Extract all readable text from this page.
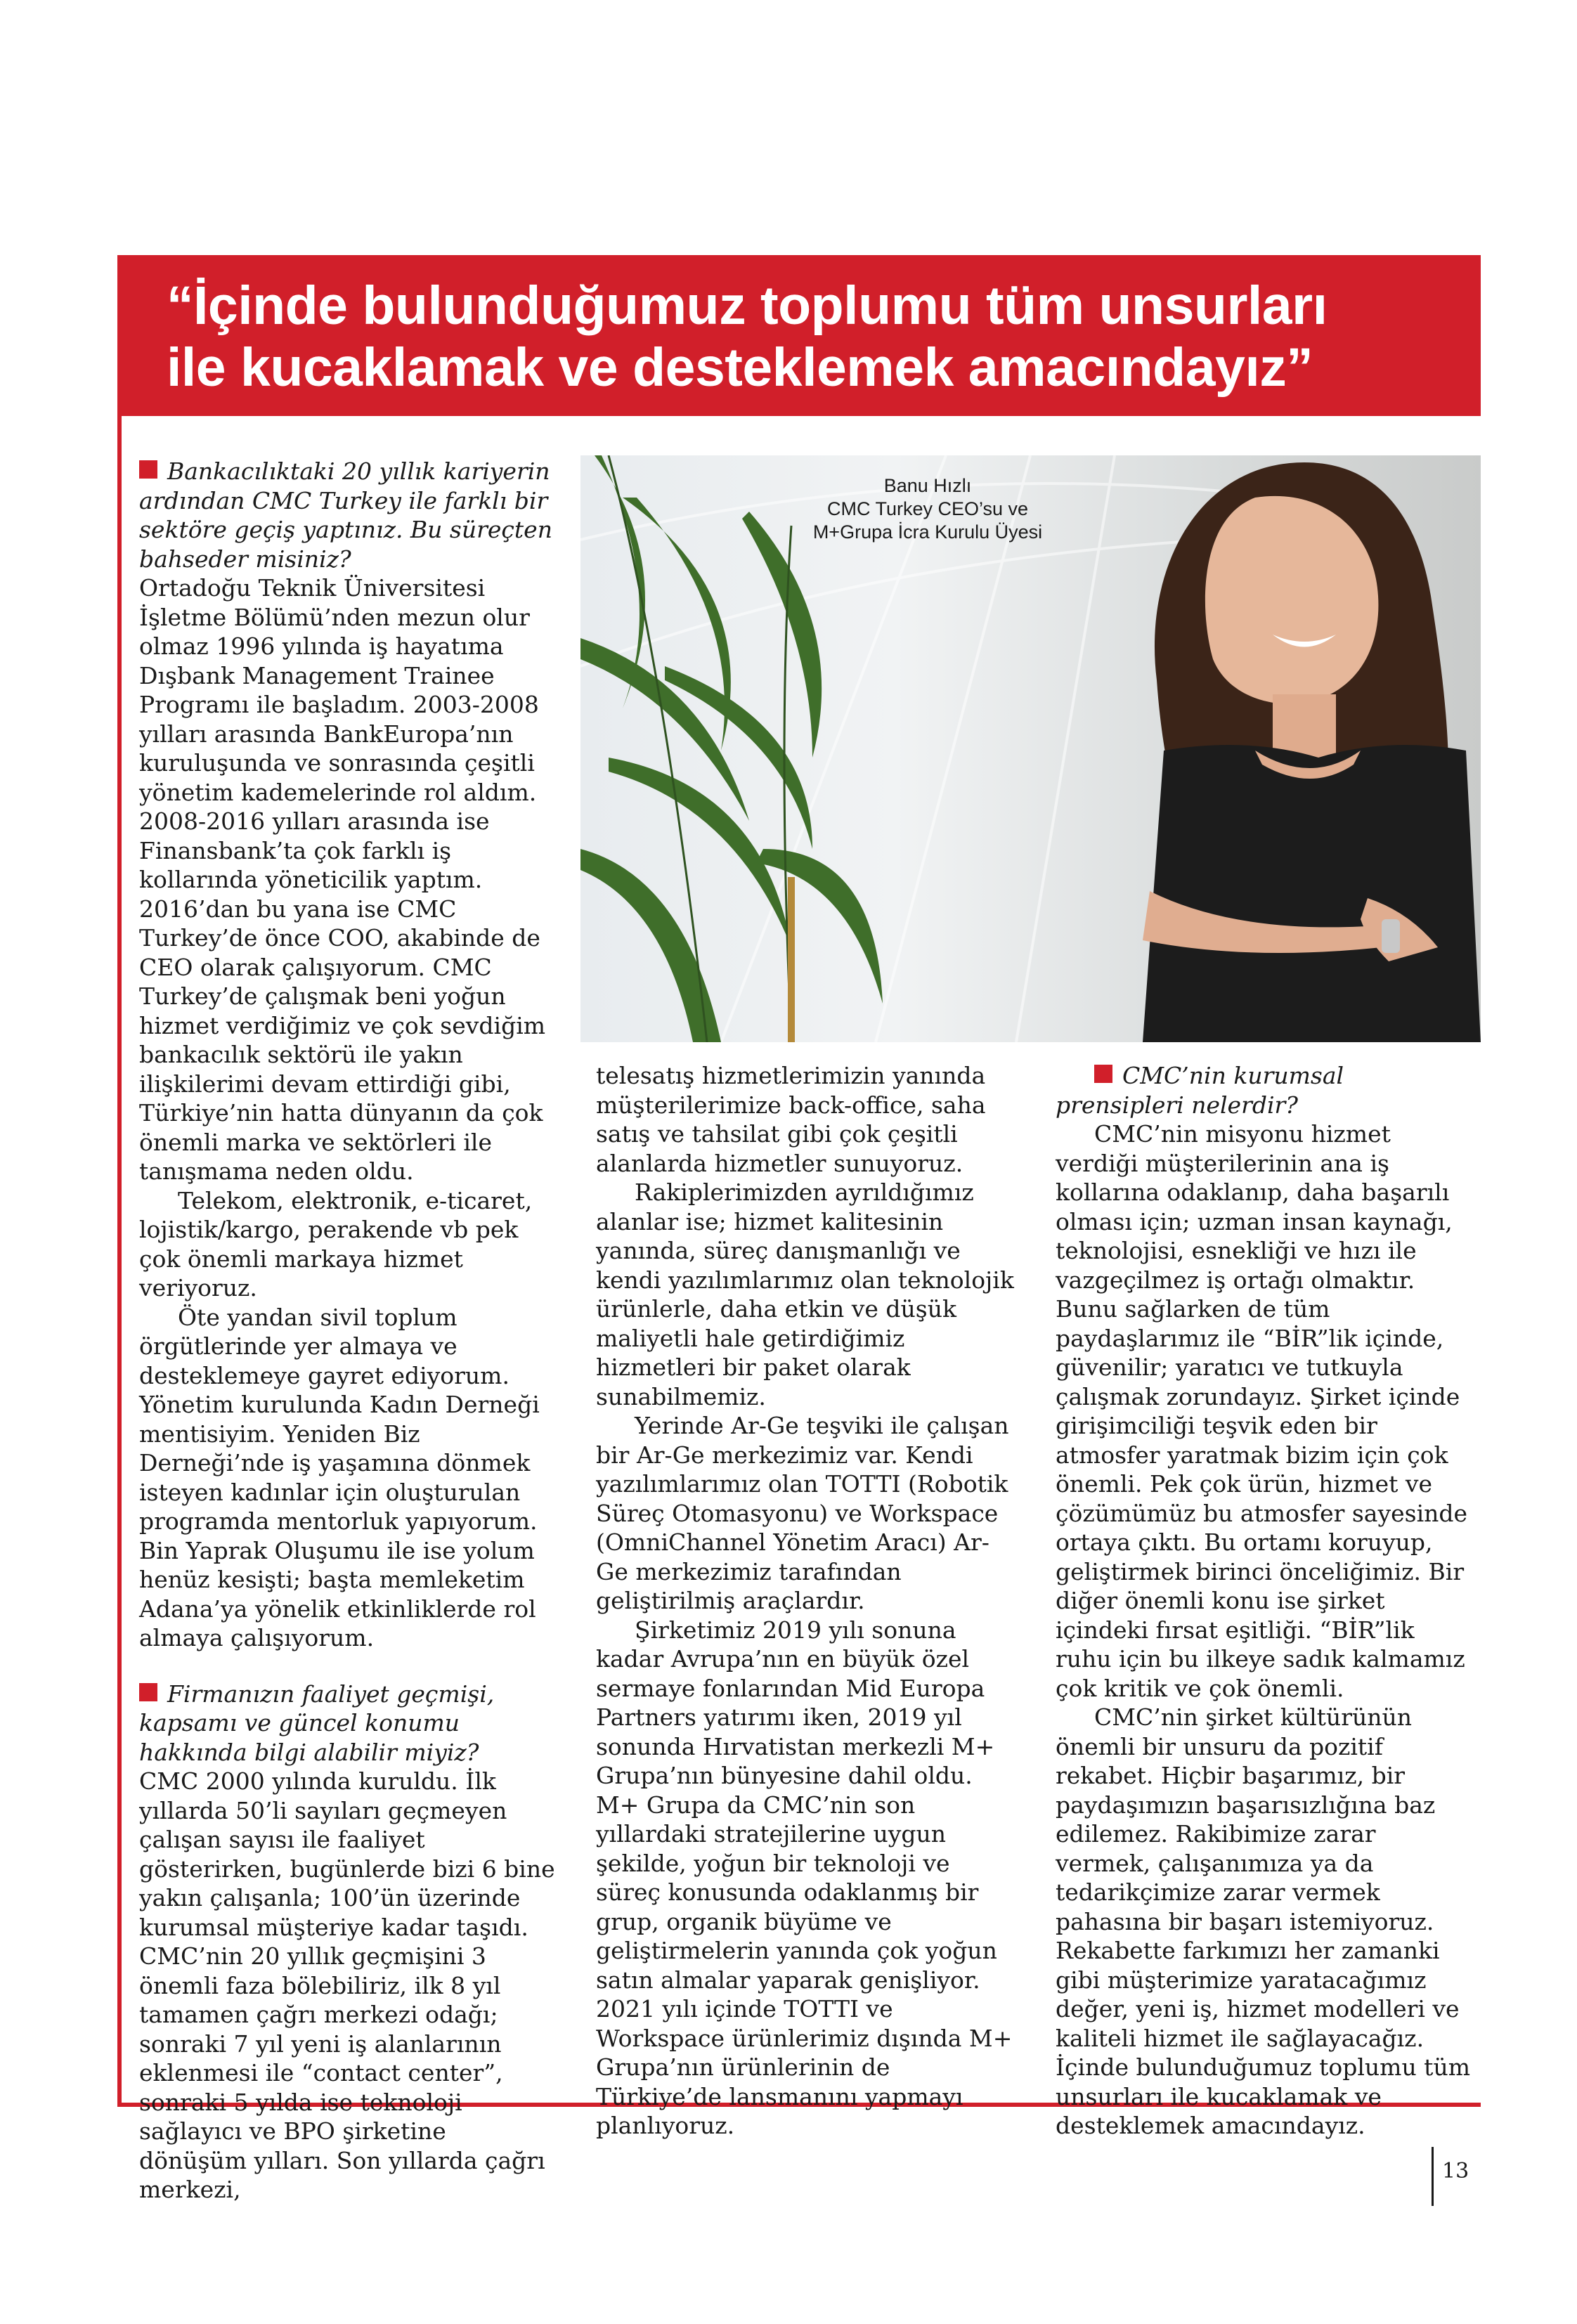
“İçinde bulunduğumuz toplumu tüm unsurları
ile kucaklamak ve desteklemek amacındayız”
Bankacılıktaki 20 yıllık kariyerin ardından CMC Turkey ile farklı bir sektöre geçiş yaptınız. Bu süreçten bahseder misiniz?

Ortadoğu Teknik Üniversitesi İşletme Bölümü’nden mezun olur olmaz 1996 yılında iş hayatıma Dışbank Management Trainee Programı ile başladım. 2003-2008 yılları arasında BankEuropa’nın kuruluşunda ve sonrasında çeşitli yönetim kademelerinde rol aldım. 2008-2016 yılları arasında ise Finansbank’ta çok farklı iş kollarında yöneticilik yaptım. 2016’dan bu yana ise CMC Turkey’de önce COO, akabinde de CEO olarak çalışıyorum. CMC Turkey’de çalışmak beni yoğun hizmet verdiğimiz ve çok sevdiğim bankacılık sektörü ile yakın ilişkilerimi devam ettirdiği gibi, Türkiye’nin hatta dünyanın da çok önemli marka ve sektörleri ile tanışmama neden oldu.

Telekom, elektronik, e-ticaret, lojistik/kargo, perakende vb pek çok önemli markaya hizmet veriyoruz.

Öte yandan sivil toplum örgütlerinde yer almaya ve desteklemeye gayret ediyorum. Yönetim kurulunda Kadın Derneği mentisiyim. Yeniden Biz Derneği’nde iş yaşamına dönmek isteyen kadınlar için oluşturulan programda mentorluk yapıyorum. Bin Yaprak Oluşumu ile ise yolum henüz kesişti; başta memleketim Adana’ya yönelik etkinliklerde rol almaya çalışıyorum.

Firmanızın faaliyet geçmişi, kapsamı ve güncel konumu hakkında bilgi alabilir miyiz?

CMC 2000 yılında kuruldu. İlk yıllarda 50’li sayıları geçmeyen çalışan sayısı ile faaliyet gösterirken, bugünlerde bizi 6 bine yakın çalışanla; 100’ün üzerinde kurumsal müşteriye kadar taşıdı. CMC’nin 20 yıllık geçmişini 3 önemli faza bölebiliriz, ilk 8 yıl tamamen çağrı merkezi odağı; sonraki 7 yıl yeni iş alanlarının eklenmesi ile “contact center”, sonraki 5 yılda ise teknoloji sağlayıcı ve BPO şirketine dönüşüm yılları. Son yıllarda çağrı merkezi,

Banu Hızlı
CMC Turkey CEO’su ve
M+Grupa İcra Kurulu Üyesi

telesatış hizmetlerimizin yanında müşterilerimize back-office, saha satış ve tahsilat gibi çok çeşitli alanlarda hizmetler sunuyoruz.

Rakiplerimizden ayrıldığımız alanlar ise; hizmet kalitesinin yanında, süreç danışmanlığı ve kendi yazılımlarımız olan teknolojik ürünlerle, daha etkin ve düşük maliyetli hale getirdiğimiz hizmetleri bir paket olarak sunabilmemiz.

Yerinde Ar-Ge teşviki ile çalışan bir Ar-Ge merkezimiz var. Kendi yazılımlarımız olan TOTTI (Robotik Süreç Otomasyonu) ve Workspace (OmniChannel Yönetim Aracı) Ar-Ge merkezimiz tarafından geliştirilmiş araçlardır.

Şirketimiz 2019 yılı sonuna kadar Avrupa’nın en büyük özel sermaye fonlarından Mid Europa Partners yatırımı iken, 2019 yıl sonunda Hırvatistan merkezli M+ Grupa’nın bünyesine dahil oldu. M+ Grupa da CMC’nin son yıllardaki stratejilerine uygun şekilde, yoğun bir teknoloji ve süreç konusunda odaklanmış bir grup, organik büyüme ve geliştirmelerin yanında çok yoğun satın almalar yaparak genişliyor. 2021 yılı içinde TOTTI ve Workspace ürünlerimiz dışında M+ Grupa’nın ürünlerinin de Türkiye’de lansmanını yapmayı planlıyoruz.

CMC’nin kurumsal prensipleri nelerdir?

CMC’nin misyonu hizmet verdiği müşterilerinin ana iş kollarına odaklanıp, daha başarılı olması için; uzman insan kaynağı, teknolojisi, esnekliği ve hızı ile vazgeçilmez iş ortağı olmaktır. Bunu sağlarken de tüm paydaşlarımız ile “BİR”lik içinde, güvenilir; yaratıcı ve tutkuyla çalışmak zorundayız. Şirket içinde girişimciliği teşvik eden bir atmosfer yaratmak bizim için çok önemli. Pek çok ürün, hizmet ve çözümümüz bu atmosfer sayesinde ortaya çıktı. Bu ortamı koruyup, geliştirmek birinci önceliğimiz. Bir diğer önemli konu ise şirket içindeki fırsat eşitliği. “BİR”lik ruhu için bu ilkeye sadık kalmamız çok kritik ve çok önemli.

CMC’nin şirket kültürünün önemli bir unsuru da pozitif rekabet. Hiçbir başarımız, bir paydaşımızın başarısızlığına baz edilemez. Rakibimize zarar vermek, çalışanımıza ya da tedarikçimize zarar vermek pahasına bir başarı istemiyoruz. Rekabette farkımızı her zamanki gibi müşterimize yaratacağımız değer, yeni iş, hizmet modelleri ve kaliteli hizmet ile sağlayacağız. İçinde bulunduğumuz toplumu tüm unsurları ile kucaklamak ve desteklemek amacındayız.

13
